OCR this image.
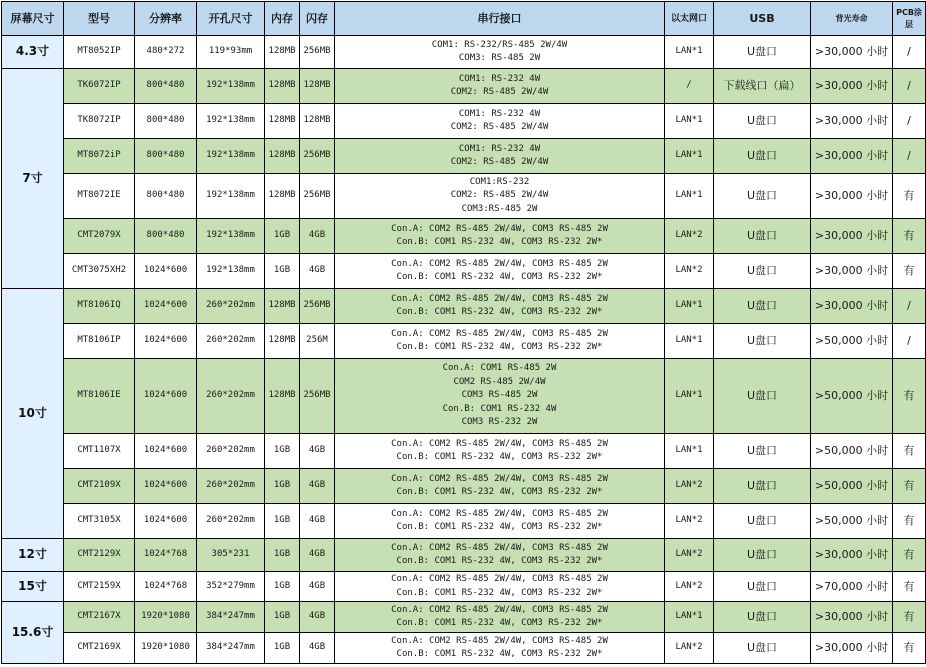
屏幕尺寸	型号	分辨率	开孔尺寸	内存	闪存	串行接口	以太网口	USB	背光寿命	PCB涂层
4.3寸	MT8052IP	480*272	119*93mm	128MB	256MB	COM1: RS-232/RS-485 2W/4W
COM3: RS-485 2W	LAN*1	U盘口	>30,000 小时	/
7寸	TK6072IP	800*480	192*138mm	128MB	128MB	COM1: RS-232 4W
COM2: RS-485 2W/4W	/	下载线口（扁）	>30,000 小时	/
	TK8072IP	800*480	192*138mm	128MB	128MB	COM1: RS-232 4W
COM2: RS-485 2W/4W	LAN*1	U盘口	>30,000 小时	/
	MT8072iP	800*480	192*138mm	128MB	256MB	COM1: RS-232 4W
COM2: RS-485 2W/4W	LAN*1	U盘口	>30,000 小时	/
	MT8072IE	800*480	192*138mm	128MB	256MB	COM1:RS-232
COM2: RS-485 2W/4W
COM3:RS-485 2W	LAN*1	U盘口	>30,000 小时	有
	CMT2079X	800*480	192*138mm	1GB	4GB	Con.A: COM2 RS-485 2W/4W, COM3 RS-485 2W
Con.B: COM1 RS-232 4W, COM3 RS-232 2W*	LAN*2	U盘口	>30,000 小时	有
	CMT3075XH2	1024*600	192*138mm	1GB	4GB	Con.A: COM2 RS-485 2W/4W, COM3 RS-485 2W
Con.B: COM1 RS-232 4W, COM3 RS-232 2W*	LAN*2	U盘口	>30,000 小时	有
10寸	MT8106IQ	1024*600	260*202mm	128MB	256MB	Con.A: COM2 RS-485 2W/4W, COM3 RS-485 2W
Con.B: COM1 RS-232 4W, COM3 RS-232 2W*	LAN*1	U盘口	>30,000 小时	/
	MT8106IP	1024*600	260*202mm	128MB	256M	Con.A: COM2 RS-485 2W/4W, COM3 RS-485 2W
Con.B: COM1 RS-232 4W, COM3 RS-232 2W*	LAN*1	U盘口	>50,000 小时	/
	MT8106IE	1024*600	260*202mm	128MB	256MB	Con.A: COM1 RS-485 2W
COM2 RS-485 2W/4W
COM3 RS-485 2W
Con.B: COM1 RS-232 4W
COM3 RS-232 2W	LAN*1	U盘口	>50,000 小时	有
	CMT1107X	1024*600	260*202mm	1GB	4GB	Con.A: COM2 RS-485 2W/4W, COM3 RS-485 2W
Con.B: COM1 RS-232 4W, COM3 RS-232 2W*	LAN*1	U盘口	>50,000 小时	有
	CMT2109X	1024*600	260*202mm	1GB	4GB	Con.A: COM2 RS-485 2W/4W, COM3 RS-485 2W
Con.B: COM1 RS-232 4W, COM3 RS-232 2W*	LAN*2	U盘口	>50,000 小时	有
	CMT3105X	1024*600	260*202mm	1GB	4GB	Con.A: COM2 RS-485 2W/4W, COM3 RS-485 2W
Con.B: COM1 RS-232 4W, COM3 RS-232 2W*	LAN*2	U盘口	>50,000 小时	有
12寸	CMT2129X	1024*768	305*231	1GB	4GB	Con.A: COM2 RS-485 2W/4W, COM3 RS-485 2W
Con.B: COM1 RS-232 4W, COM3 RS-232 2W*	LAN*2	U盘口	>30,000 小时	有
15寸	CMT2159X	1024*768	352*279mm	1GB	4GB	Con.A: COM2 RS-485 2W/4W, COM3 RS-485 2W
Con.B: COM1 RS-232 4W, COM3 RS-232 2W*	LAN*2	U盘口	>70,000 小时	有
15.6寸	CMT2167X	1920*1080	384*247mm	1GB	4GB	Con.A: COM2 RS-485 2W/4W, COM3 RS-485 2W
Con.B: COM1 RS-232 4W, COM3 RS-232 2W*	LAN*1	U盘口	>30,000 小时	有
	CMT2169X	1920*1080	384*247mm	1GB	4GB	Con.A: COM2 RS-485 2W/4W, COM3 RS-485 2W
Con.B: COM1 RS-232 4W, COM3 RS-232 2W*	LAN*2	U盘口	>30,000 小时	有
